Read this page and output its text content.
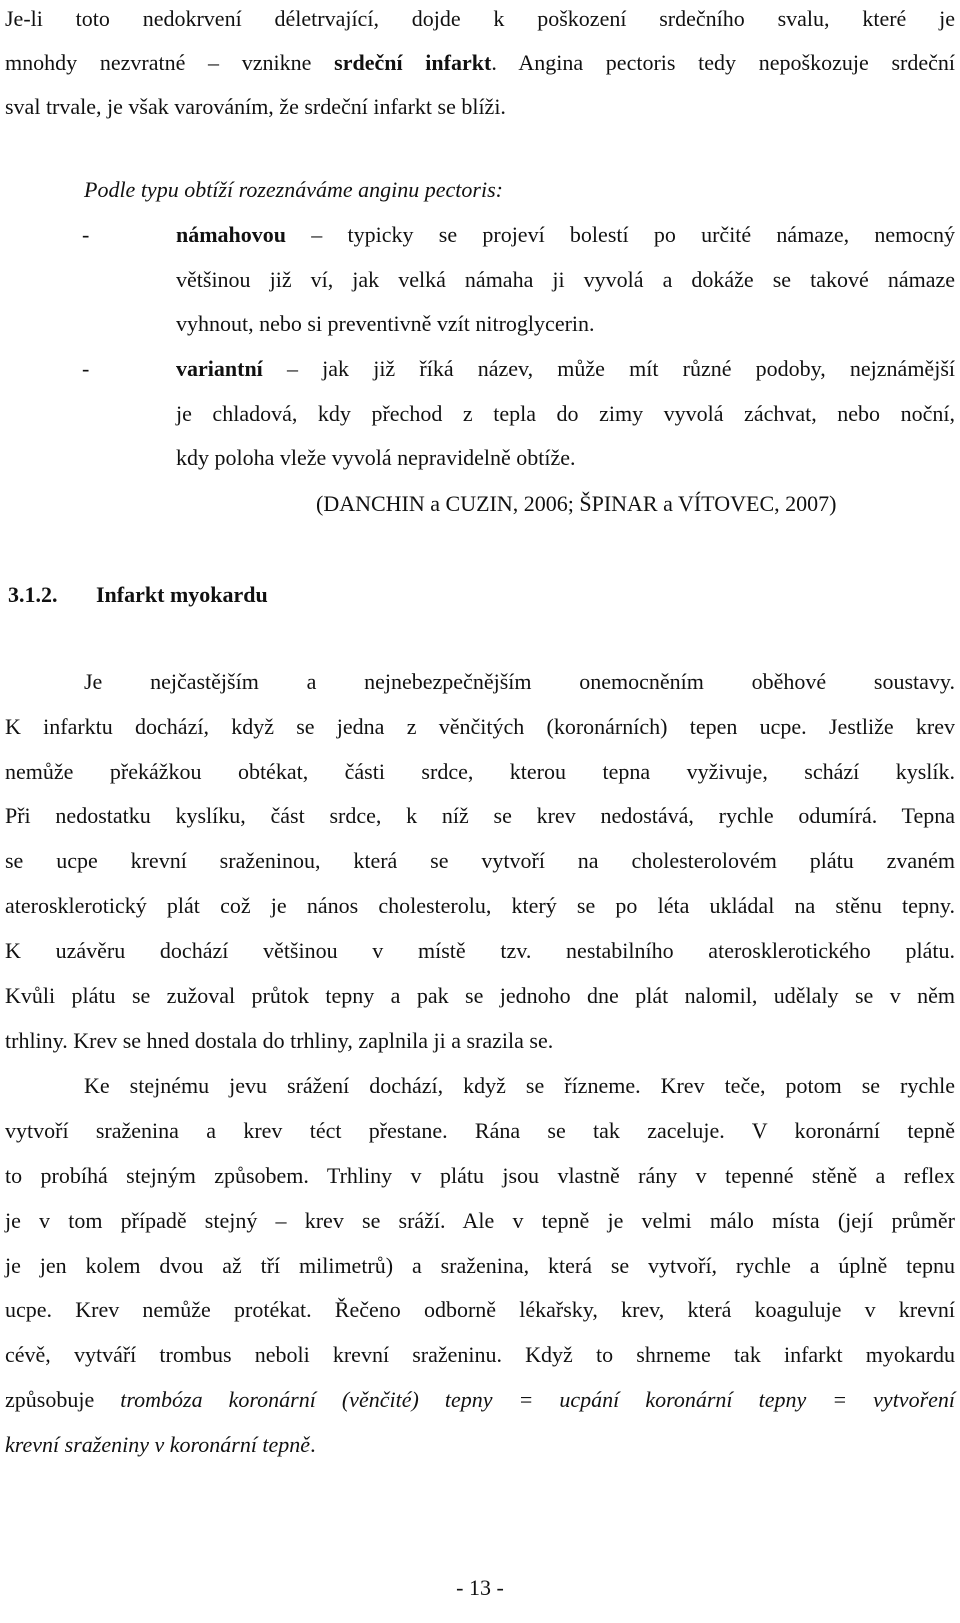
Je-li toto nedokrvení déletrvající, dojde k poškození srdečního svalu, které je
mnohdy nezvratné – vznikne srdeční infarkt. Angina pectoris tedy nepoškozuje srdeční
sval trvale, je však varováním, že srdeční infarkt se blíži.
Podle typu obtíží rozeznáváme anginu pectoris:
-	námahovou – typicky se projeví bolestí po určité námaze, nemocný
většinou již ví, jak velká námaha ji vyvolá a dokáže se takové námaze
vyhnout, nebo si preventivně vzít nitroglycerin.
-	variantní – jak již říká název, může mít různé podoby, nejznámější
je chladová, kdy přechod z tepla do zimy vyvolá záchvat, nebo noční,
kdy poloha vleže vyvolá nepravidelně obtíže.
(DANCHIN a CUZIN, 2006; ŠPINAR a VÍTOVEC, 2007)
3.1.2. Infarkt myokardu
Je nejčastějším a nejnebezpečnějším onemocněním oběhové soustavy.
K infarktu dochází, když se jedna z věnčitých (koronárních) tepen ucpe. Jestliže krev
nemůže překážkou obtékat, části srdce, kterou tepna vyživuje, schází kyslík.
Při nedostatku kyslíku, část srdce, k níž se krev nedostává, rychle odumírá. Tepna
se ucpe krevní sraženinou, která se vytvoří na cholesterolovém plátu zvaném
aterosklerotický plát což je nános cholesterolu, který se po léta ukládal na stěnu tepny.
K uzávěru dochází většinou v místě tzv. nestabilního aterosklerotického plátu.
Kvůli plátu se zužoval průtok tepny a pak se jednoho dne plát nalomil, udělaly se v něm
trhliny. Krev se hned dostala do trhliny, zaplnila ji a srazila se.
Ke stejnému jevu srážení dochází, když se řízneme. Krev teče, potom se rychle
vytvoří sraženina a krev téct přestane. Rána se tak zaceluje. V koronární tepně
to probíhá stejným způsobem. Trhliny v plátu jsou vlastně rány v tepenné stěně a reflex
je v tom případě stejný – krev se sráží. Ale v tepně je velmi málo místa (její průměr
je jen kolem dvou až tří milimetrů) a sraženina, která se vytvoří, rychle a úplně tepnu
ucpe. Krev nemůže protékat. Řečeno odborně lékařsky, krev, která koaguluje v krevní
cévě, vytváří trombus neboli krevní sraženinu. Když to shrneme tak infarkt myokardu
způsobuje trombóza koronární (věnčité) tepny = ucpání koronární tepny = vytvoření
krevní sraženiny v koronární tepně.
- 13 -
